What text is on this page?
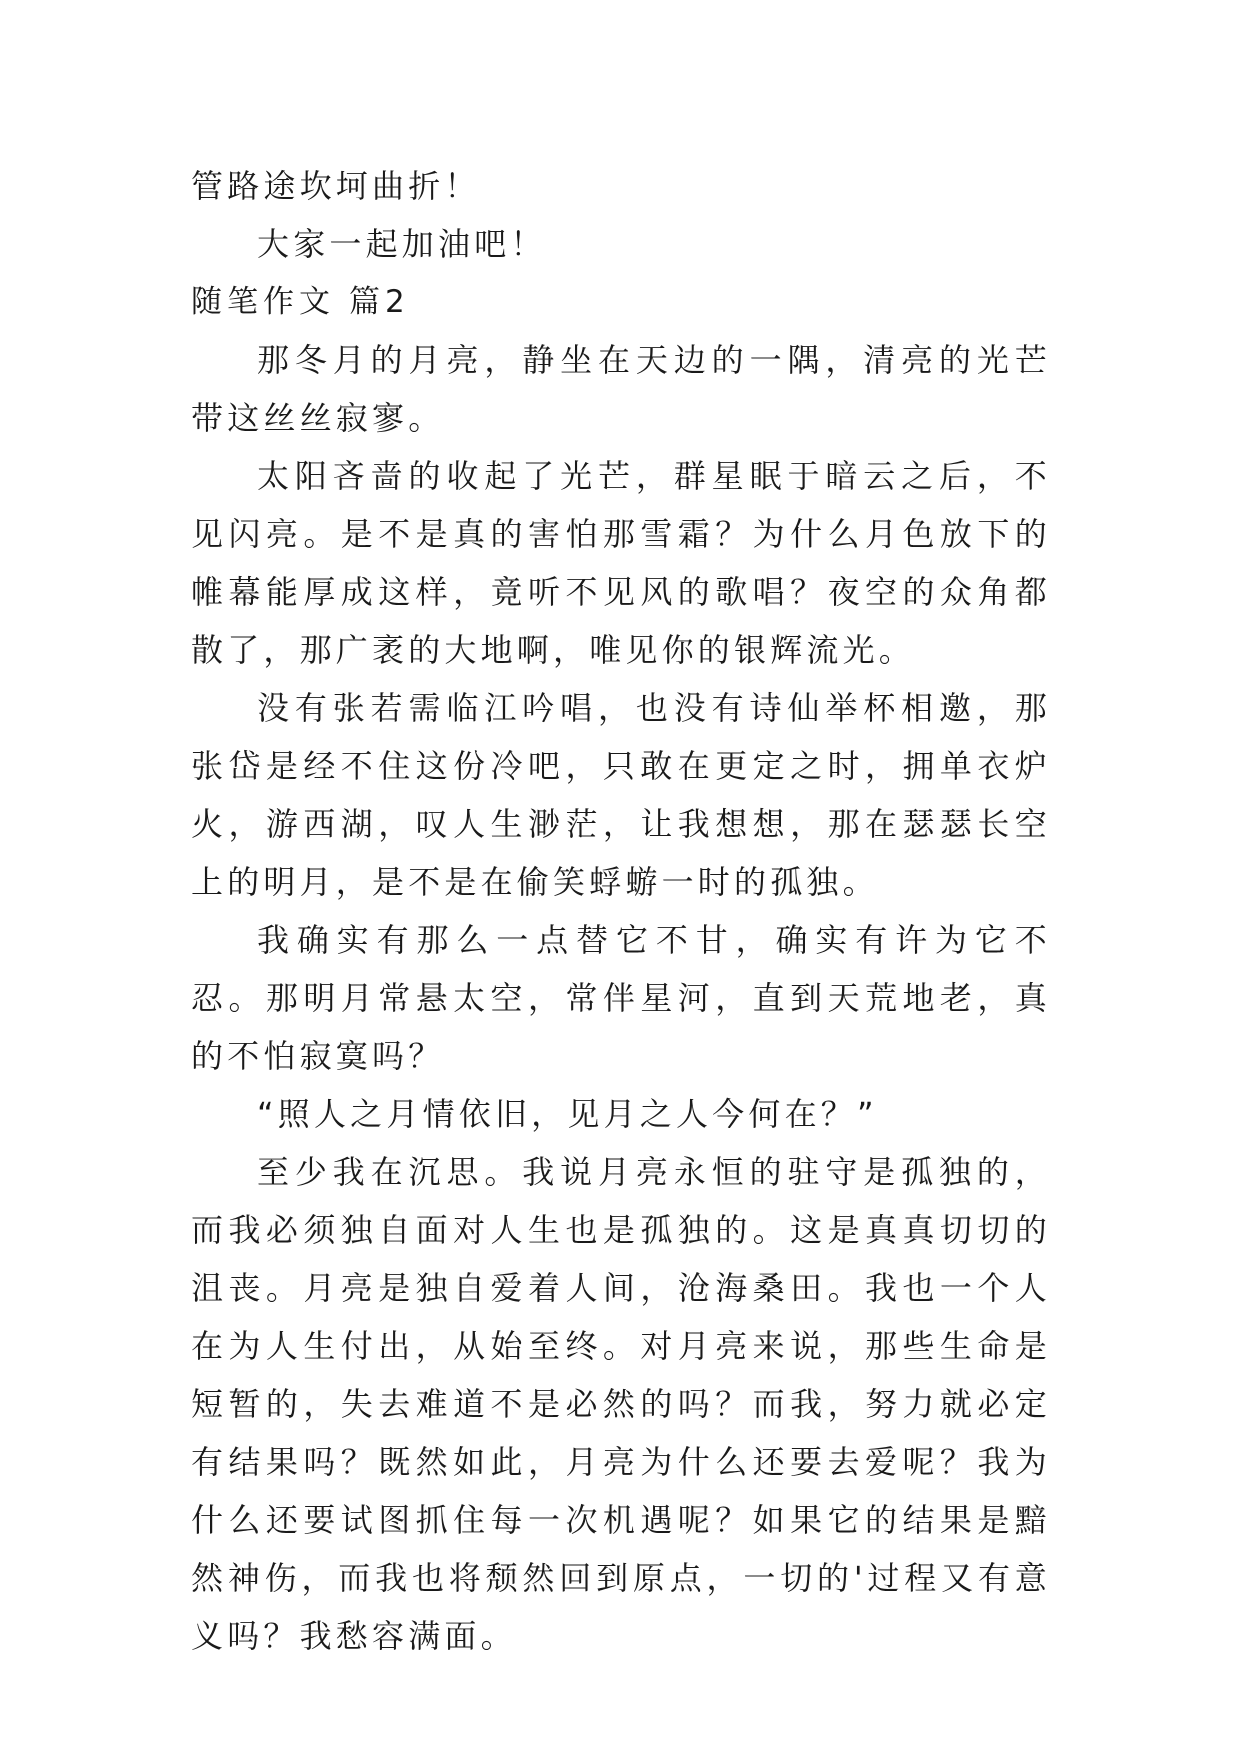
管路途坎坷曲折！

大家一起加油吧！

随笔作文 篇2

那冬月的月亮，静坐在天边的一隅，清亮的光芒带这丝丝寂寥。

太阳吝啬的收起了光芒，群星眠于暗云之后，不见闪亮。是不是真的害怕那雪霜？为什么月色放下的帷幕能厚成这样，竟听不见风的歌唱？夜空的众角都散了，那广袤的大地啊，唯见你的银辉流光。

没有张若需临江吟唱，也没有诗仙举杯相邀，那张岱是经不住这份冷吧，只敢在更定之时，拥单衣炉火，游西湖，叹人生渺茫，让我想想，那在瑟瑟长空上的明月，是不是在偷笑蜉蝣一时的孤独。

我确实有那么一点替它不甘，确实有许为它不忍。那明月常悬太空，常伴星河，直到天荒地老，真的不怕寂寞吗？

“照人之月情依旧，见月之人今何在？”

至少我在沉思。我说月亮永恒的驻守是孤独的，而我必须独自面对人生也是孤独的。这是真真切切的沮丧。月亮是独自爱着人间，沧海桑田。我也一个人在为人生付出，从始至终。对月亮来说，那些生命是短暂的，失去难道不是必然的吗？而我，努力就必定有结果吗？既然如此，月亮为什么还要去爱呢？我为什么还要试图抓住每一次机遇呢？如果它的结果是黯然神伤，而我也将颓然回到原点，一切的'过程又有意义吗？我愁容满面。
